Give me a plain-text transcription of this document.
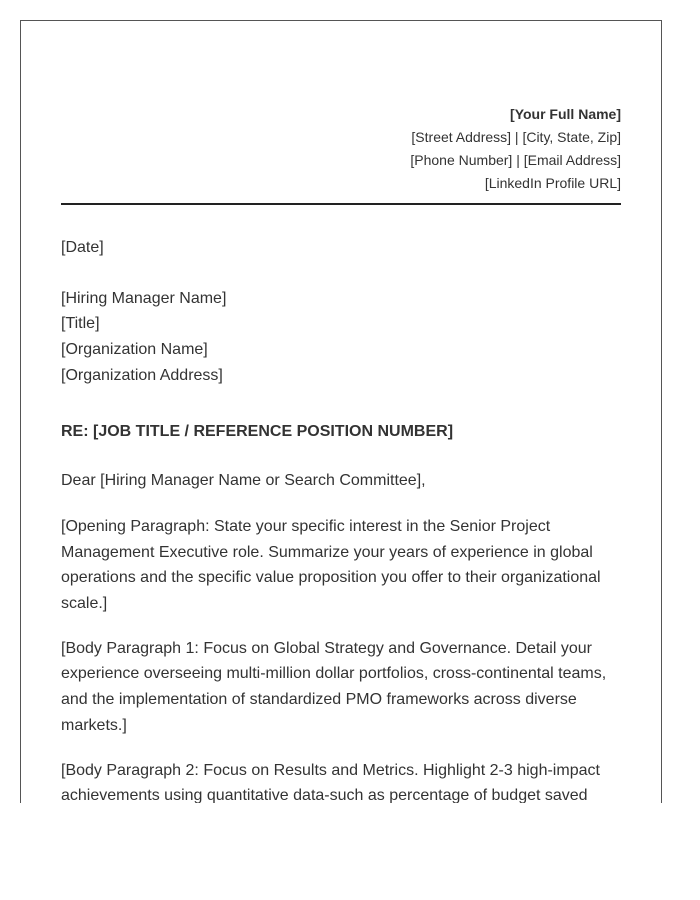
[Your Full Name]
[Street Address] | [City, State, Zip]
[Phone Number] | [Email Address]
[LinkedIn Profile URL]

[Date]

[Hiring Manager Name]
[Title]
[Organization Name]
[Organization Address]

RE: [JOB TITLE / REFERENCE POSITION NUMBER]

Dear [Hiring Manager Name or Search Committee],

[Opening Paragraph: State your specific interest in the Senior Project Management Executive role. Summarize your years of experience in global operations and the specific value proposition you offer to their organizational scale.]

[Body Paragraph 1: Focus on Global Strategy and Governance. Detail your experience overseeing multi-million dollar portfolios, cross-continental teams, and the implementation of standardized PMO frameworks across diverse markets.]

[Body Paragraph 2: Focus on Results and Metrics. Highlight 2-3 high-impact achievements using quantitative data-such as percentage of budget saved
